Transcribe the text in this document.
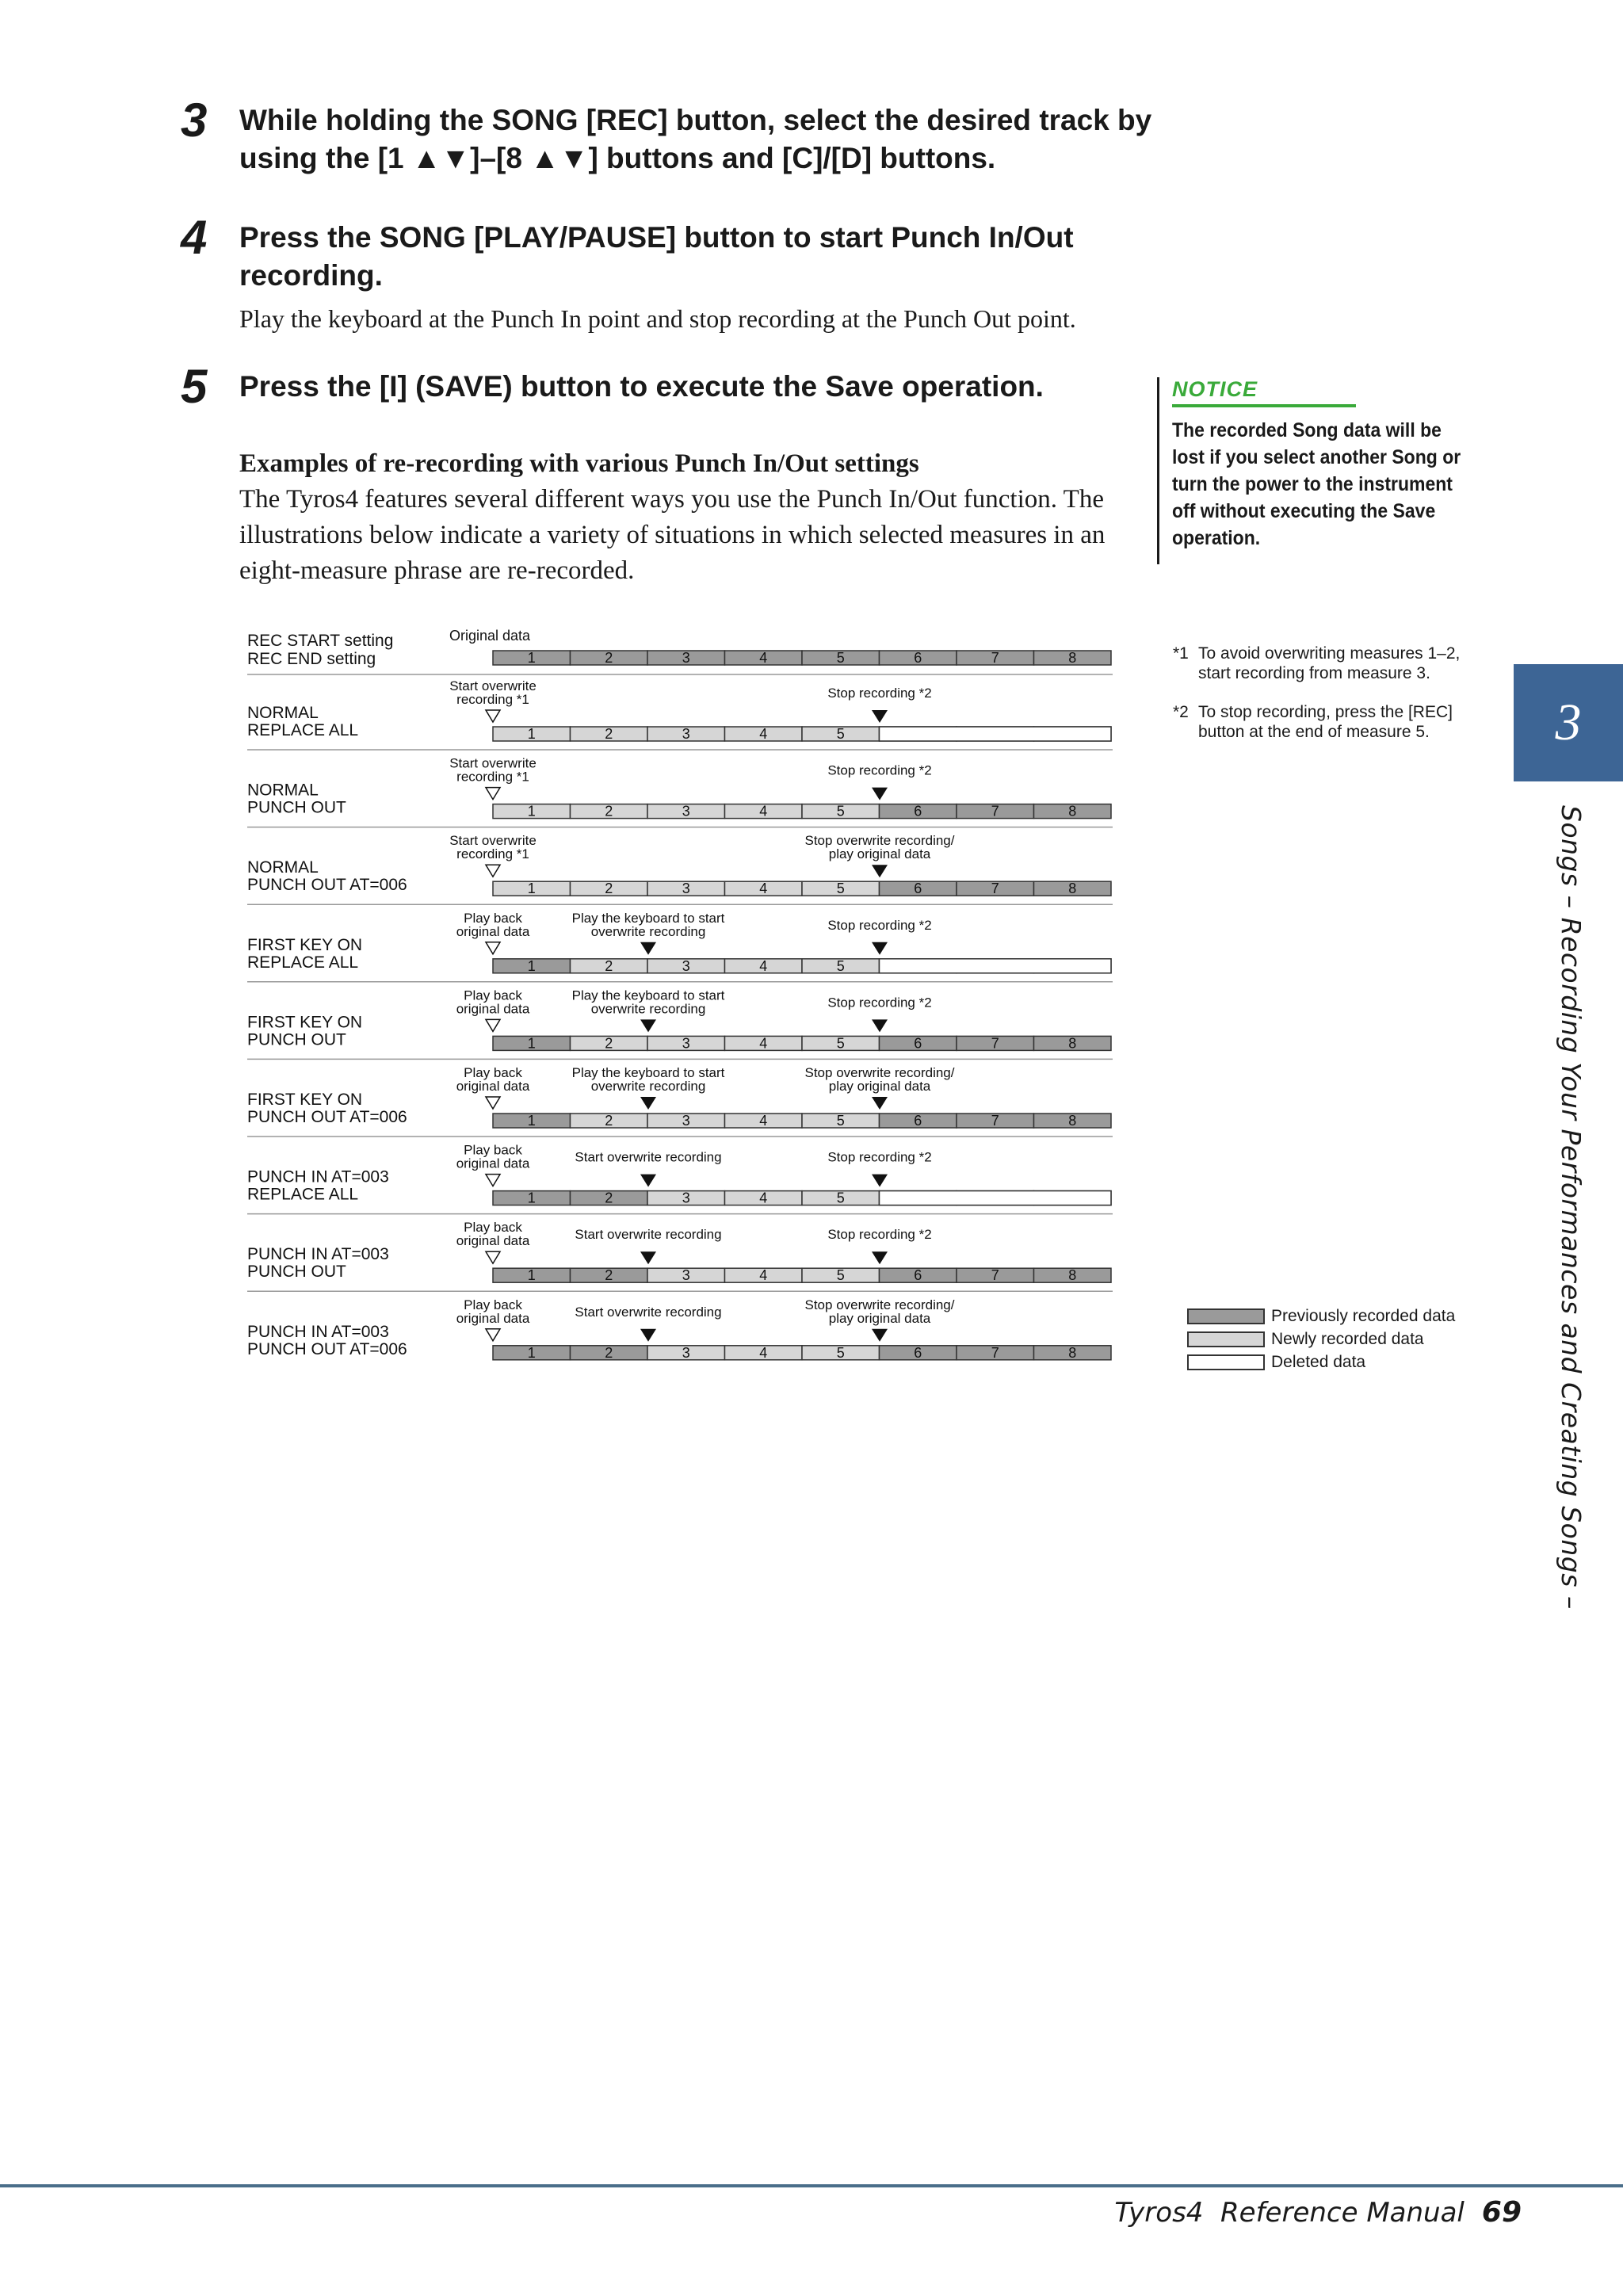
3 While holding the SONG [REC] button, select the desired track by using the [1 ▲▼]–[8 ▲▼] buttons and [C]/[D] buttons.
4 Press the SONG [PLAY/PAUSE] button to start Punch In/Out recording.
Play the keyboard at the Punch In point and stop recording at the Punch Out point.
5 Press the [I] (SAVE) button to execute the Save operation.
Examples of re-recording with various Punch In/Out settings
The Tyros4 features several different ways you use the Punch In/Out function. The illustrations below indicate a variety of situations in which selected measures in an eight-measure phrase are re-recorded.
NOTICE
The recorded Song data will be lost if you select another Song or turn the power to the instrument off without executing the Save operation.
REC START setting
REC END setting
Original data
1	2	3	4	5	6	7	8
NORMAL
REPLACE ALL
Start overwrite
recording *1	Stop recording *2
1	2	3	4	5
NORMAL
PUNCH OUT
Start overwrite
recording *1	Stop recording *2
1	2	3	4	5	6	7	8
NORMAL
PUNCH OUT AT=006
Start overwrite
recording *1
Stop overwrite recording/
play original data
1	2	3	4	5	6	7	8
FIRST KEY ON
REPLACE ALL
Play back
original data
Play the keyboard to start
overwrite recording	Stop recording *2
1	2	3	4	5
FIRST KEY ON
PUNCH OUT
Play back
original data
Play the keyboard to start
overwrite recording	Stop recording *2
1	2	3	4	5	6	7	8
FIRST KEY ON
PUNCH OUT AT=006
Play back
original data
Play the keyboard to start
overwrite recording
Stop overwrite recording/
play original data
1	2	3	4	5	6	7	8
PUNCH IN AT=003
REPLACE ALL
Play back
original data	Start overwrite recording	Stop recording *2
1	2	3	4	5
PUNCH IN AT=003
PUNCH OUT
Play back
original data	Start overwrite recording	Stop recording *2
1	2	3	4	5	6	7	8
PUNCH IN AT=003
PUNCH OUT AT=006
Play back
original data	Start overwrite recording	Stop overwrite recording/
play original data
1	2	3	4	5	6	7	8
*1 To avoid overwriting measures 1–2, start recording from measure 3.
*2 To stop recording, press the [REC] button at the end of measure 5.
Previously recorded data
Newly recorded data
Deleted data
3
Songs – Recording Your Performances and Creating Songs –
Tyros4  Reference Manual 69
